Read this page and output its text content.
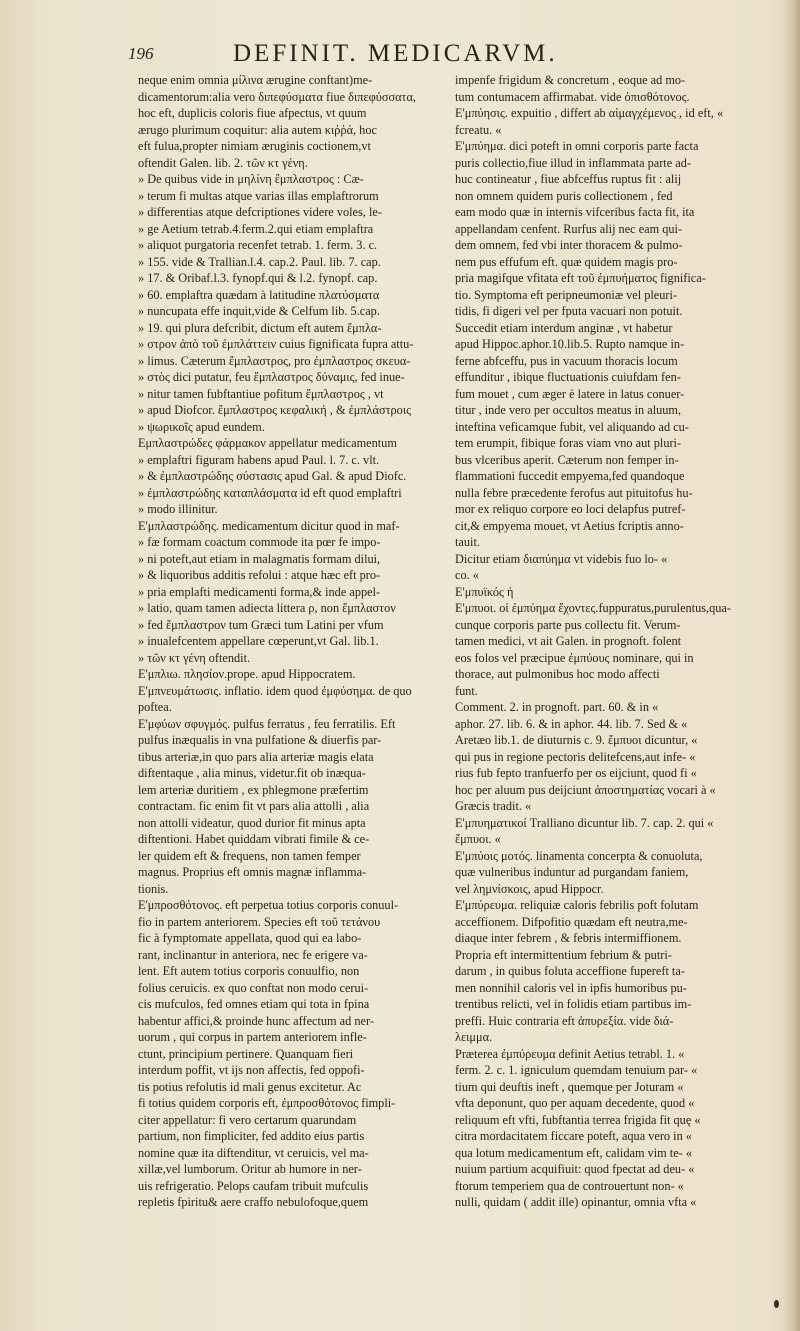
196	DEFINIT. MEDICARVM.

neque enim omnia μίλινα ærugine conftant)me-

dicamentorum:alia vero διπεφύσματα fiue διπεφύσσατα,

hoc eft, duplicis coloris fiue afpectus, vt quum

ærugo plurimum coquitur: alia autem κιῤῥά, hoc

eft fulua,propter nimiam æruginis coctionem,vt

oftendit Galen. lib. 2. τῶν κτ γένη.

» De quibus vide in μηλίνη ἔμπλαστρος : Cæ-

» terum fi multas atque varias illas emplaftrorum

» differentias atque defcriptiones videre voles, le-

» ge Aetium tetrab.4.ferm.2.qui etiam emplaftra

» aliquot purgatoria recenfet tetrab. 1. ferm. 3. c.

» 155. vide & Trallian.l.4. cap.2. Paul. lib. 7. cap.

» 17. & Oribaf.l.3. fynopf.qui & l.2. fynopf. cap.

» 60. emplaftra quædam à latitudine πλατύσματα

» nuncupata effe inquit,vide & Celfum lib. 5.cap.

» 19. qui plura defcribit, dictum eft autem ἔμπλα-

» στρον ἀπὸ τοῦ ἐμπλάττειν cuius fignificata fupra attu-

» limus. Cæterum ἔμπλαστρος, pro ἐμπλαστρος σκευα-

» στὸς dici putatur, feu ἔμπλαστρος δύναμις, fed inue-

» nitur tamen fubftantiue pofitum ἔμπλαστρος , vt

» apud Diofcor. ἔμπλαστρος κεφαλική , & ἐμπλάστροις

» ψωρικοῖς apud eundem.

Εμπλαστρώδες φάρμακον appellatur medicamentum

» emplaftri figuram habens apud Paul. l. 7. c. vlt.

» & ἐμπλαστρώδης σύστασις apud Gal. & apud Diofc.

» ἐμπλαστρώδης καταπλάσματα id eft quod emplaftri

» modo illinitur.

Ε'μπλαστρώδης. medicamentum dicitur quod in maf-

» fæ formam coactum commode ita pœr fe impo-

» ni poteft,aut etiam in malagmatis formam dilui,

» & liquoribus additis refolui : atque hæc eft pro-

» pria emplafti medicamenti forma,& inde appel-

» latio, quam tamen adiecta littera ρ, non ἔμπλαστον

» fed ἔμπλαστρον tum Græci tum Latini per vfum

» inualefcentem appellare cœperunt,vt Gal. lib.1.

» τῶν κτ γένη oftendit.

Ε'μπλιω. πλησίον.prope. apud Hippocratem.

Ε'μπνευμάτωσις. inflatio. idem quod ἐμφύσημα. de quo

poftea.

Ε'μφύων σφυγμός. pulfus ferratus , feu ferratilis. Eft

pulfus inæqualis in vna pulfatione & diuerfis par-

tibus arteriæ,in quo pars alia arteriæ magis elata

diftentaque , alia minus, videtur.fit ob inæqua-

lem arteriæ duritiem , ex phlegmone præfertim

contractam. fic enim fit vt pars alia attolli , alia

non attolli videatur, quod durior fit minus apta

diftentioni. Habet quiddam vibrati fimile & ce-

ler quidem eft & frequens, non tamen femper

magnus. Proprius eft omnis magnæ inflamma-

tionis.

Ε'μπροσθότονος. eft perpetua totius corporis conuul-

fio in partem anteriorem. Species eft τοῦ τετάνου

fic à fymptomate appellata, quod qui ea labo-

rant, inclinantur in anteriora, nec fe erigere va-

lent. Eft autem totius corporis conuulfio, non

folius ceruicis. ex quo conftat non modo cerui-

cis mufculos, fed omnes etiam qui tota in fpina

habentur affici,& proinde hunc affectum ad ner-

uorum , qui corpus in partem anteriorem infle-

ctunt, principium pertinere. Quanquam fieri

interdum poffit, vt ijs non affectis, fed oppofi-

tis potius refolutis id mali genus excitetur. Ac

fi totius quidem corporis eft, ἐμπροσθότονος fimpli-

citer appellatur: fi vero certarum quarundam

partium, non fimpliciter, fed addito eius partis

nomine quæ ita diftenditur, vt ceruicis, vel ma-

xillæ,vel lumborum. Oritur ab humore in ner-

uis refrigeratio. Pelops caufam tribuit mufculis

repletis fpiritu& aere craffo nebulofoque,quem

impenfe frigidum & concretum , eoque ad mo-

tum contumacem affirmabat. vide ὀπισθότονος.

Ε'μπύησις. expuitio , differt ab αἱμαγχέμενος , id eft, «

fcreatu. «

Ε'μπύημα. dici poteft in omni corporis parte facta

puris collectio,fiue illud in inflammata parte ad-

huc contineatur , fiue abfceffus ruptus fit : alij

non omnem quidem puris collectionem , fed

eam modo quæ in internis vifceribus facta fit, ita

appellandam cenfent. Rurfus alij nec eam qui-

dem omnem, fed vbi inter thoracem & pulmo-

nem pus effufum eft. quæ quidem magis pro-

pria magifque vfitata eft τοῦ ἐμπυήματος fignifica-

tio. Symptoma eft peripneumoniæ vel pleuri-

tidis, fi digeri vel per fputa vacuari non potuit.

Succedit etiam interdum anginæ , vt habetur

apud Hippoc.aphor.10.lib.5. Rupto namque in-

ferne abfceffu, pus in vacuum thoracis locum

effunditur , ibique fluctuationis cuiufdam fen-

fum mouet , cum æger è latere in latus conuer-

titur , inde vero per occultos meatus in aluum,

inteftina veficamque fubit, vel aliquando ad cu-

tem erumpit, fibique foras viam vno aut pluri-

bus vlceribus aperit. Cæterum non femper in-

flammationi fuccedit empyema,fed quandoque

nulla febre præcedente ferofus aut pituitofus hu-

mor ex reliquo corpore eo loci delapfus putref-

cit,& empyema mouet, vt Aetius fcriptis anno-

tauit.

Dicitur etiam διαπύημα vt videbis fuo lo- «

co. «

Ε'μπυϊκός ἡ

Ε'μπυοι. οἱ ἐμπύημα ἔχοντες.fuppuratus,purulentus,qua-

cunque corporis parte pus collectu fit. Verum-

tamen medici, vt ait Galen. in prognoft. folent

eos folos vel præcipue ἐμπύους nominare, qui in

thorace, aut pulmonibus hoc modo affecti

funt.

Comment. 2. in prognoft. part. 60. & in «

aphor. 27. lib. 6. & in aphor. 44. lib. 7. Sed & «

Aretæo lib.1. de diuturnis c. 9. ἔμπυοι dicuntur, «

qui pus in regione pectoris delitefcens,aut infe- «

rius fub fepto tranfuerfo per os eijciunt, quod fi «

hoc per aluum pus deijciunt ἀποστηματίας vocari à «

Græcis tradit. «

Ε'μπυηματικοί Tralliano dicuntur lib. 7. cap. 2. qui «

ἔμπυοι. «

Ε'μπύοις μοτός. linamenta concerpta & conuoluta,

quæ vulneribus induntur ad purgandam faniem,

vel λημνίσκοις, apud Hippocr.

Ε'μπύρευμα. reliquiæ caloris febrilis poft folutam

acceffionem. Difpofitio quædam eft neutra,me-

diaque inter febrem , & febris intermiffionem.

Propria eft intermittentium febrium & putri-

darum , in quibus foluta acceffione fupereft ta-

men nonnihil caloris vel in ipfis humoribus pu-

trentibus relicti, vel in folidis etiam partibus im-

preffi. Huic contraria eft ἀπυρεξία. vide διά-

λειμμα.

Præterea ἐμπύρευμα definit Aetius tetrabl. 1. «

ferm. 2. c. 1. igniculum quemdam tenuium par- «

tium qui deuftis ineft , quemque per Joturam «

vfta deponunt, quo per aquam decedente, quod «

reliquum eft vfti, fubftantia terrea frigida fit quę «

citra mordacitatem ficcare poteft, aqua vero in «

qua lotum medicamentum eft, calidam vim te- «

nuium partium acquifiuit: quod fpectat ad deu- «

ftorum temperiem qua de controuertunt non- «

nulli, quidam ( addit ille) opinantur, omnia vfta «
